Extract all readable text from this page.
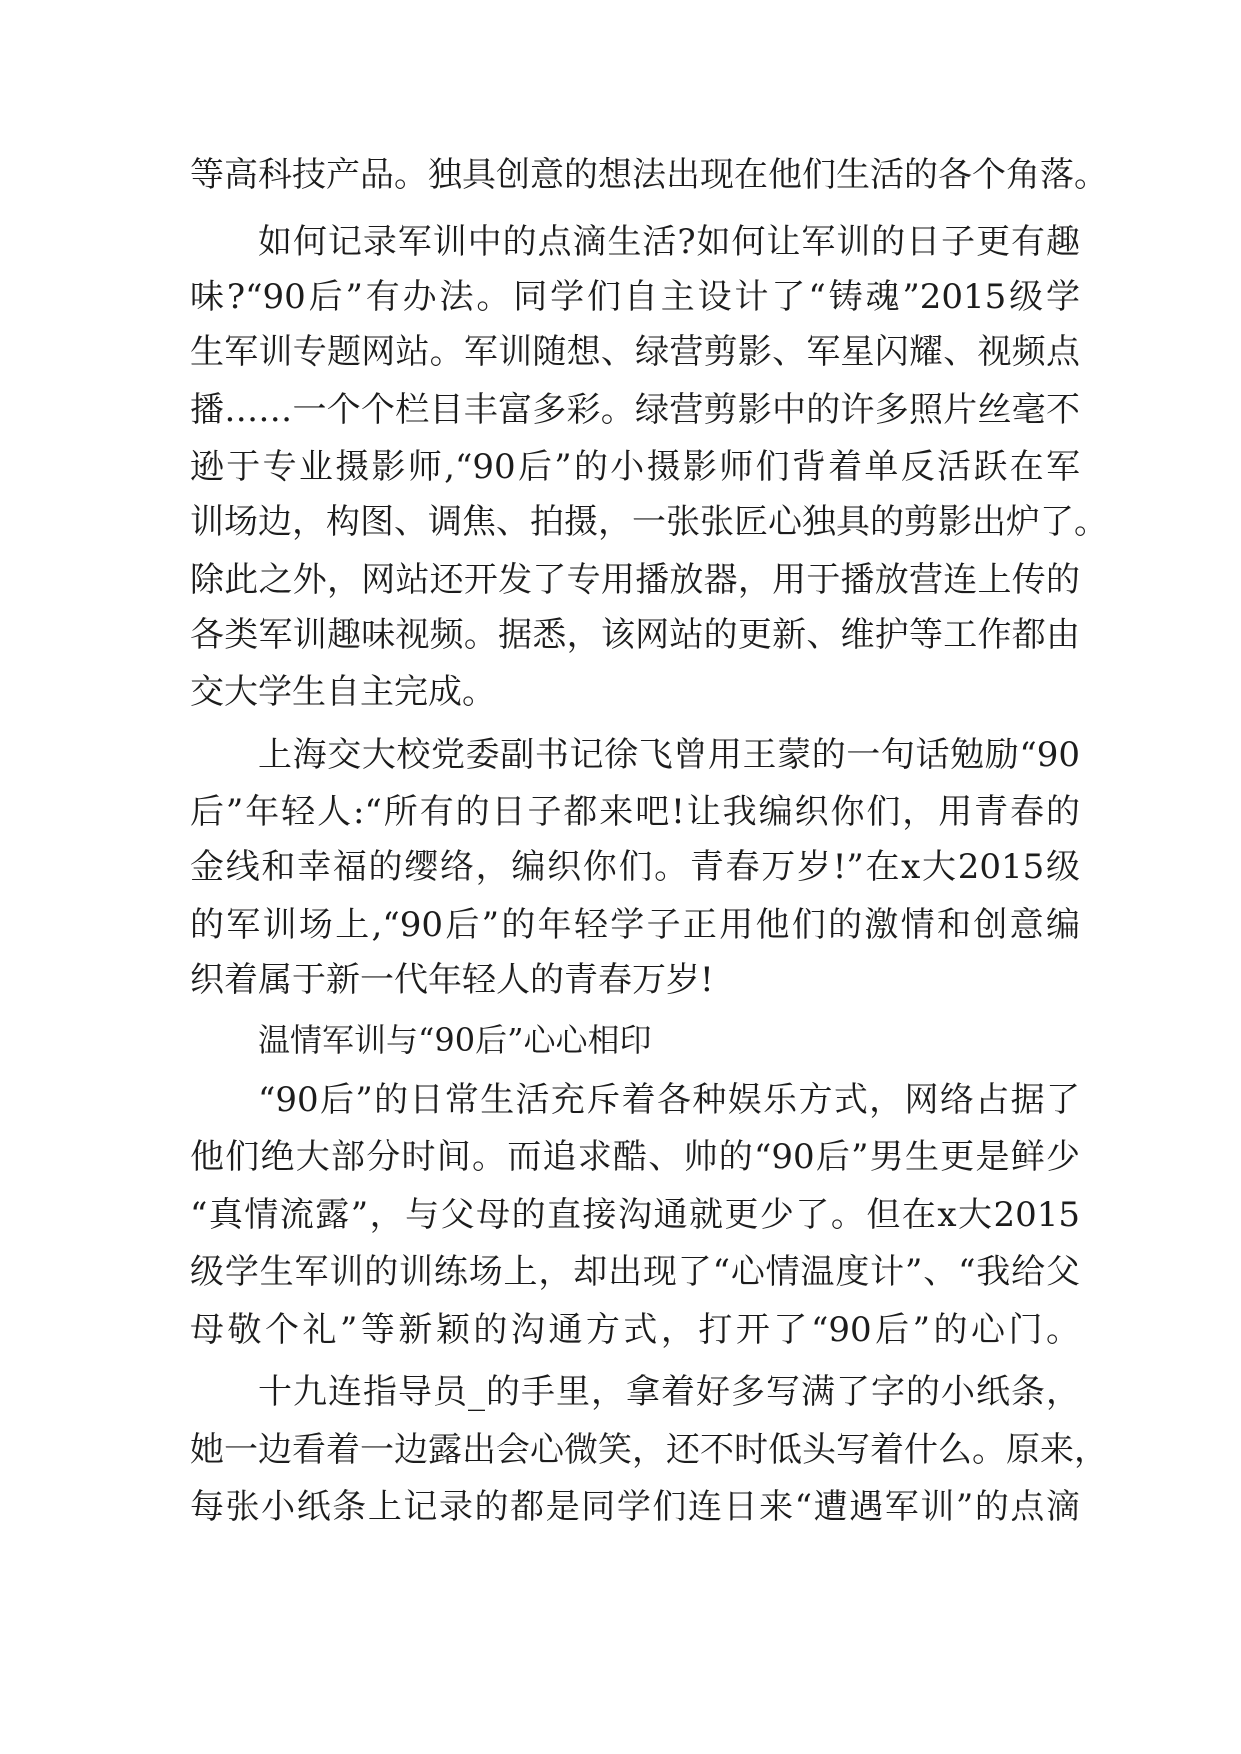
等高科技产品。独具创意的想法出现在他们生活的各个角落。
如何记录军训中的点滴生活?如何让军训的日子更有趣
味?“90后”有办法。同学们自主设计了“铸魂”2015级学
生军训专题网站。军训随想、绿营剪影、军星闪耀、视频点
播……一个个栏目丰富多彩。绿营剪影中的许多照片丝毫不
逊于专业摄影师,“90后”的小摄影师们背着单反活跃在军
训场边，构图、调焦、拍摄，一张张匠心独具的剪影出炉了。
除此之外，网站还开发了专用播放器，用于播放营连上传的
各类军训趣味视频。据悉，该网站的更新、维护等工作都由
交大学生自主完成。
上海交大校党委副书记徐飞曾用王蒙的一句话勉励“90
后”年轻人:“所有的日子都来吧!让我编织你们，用青春的
金线和幸福的缨络，编织你们。青春万岁!”在x大2015级
的军训场上,“90后”的年轻学子正用他们的激情和创意编
织着属于新一代年轻人的青春万岁!
温情军训与“90后”心心相印
“90后”的日常生活充斥着各种娱乐方式，网络占据了
他们绝大部分时间。而追求酷、帅的“90后”男生更是鲜少
“真情流露”，与父母的直接沟通就更少了。但在x大2015
级学生军训的训练场上，却出现了“心情温度计”、“我给父
母敬个礼”等新颖的沟通方式，打开了“90后”的心门。
十九连指导员_的手里，拿着好多写满了字的小纸条，
她一边看着一边露出会心微笑，还不时低头写着什么。原来，
每张小纸条上记录的都是同学们连日来“遭遇军训”的点滴
